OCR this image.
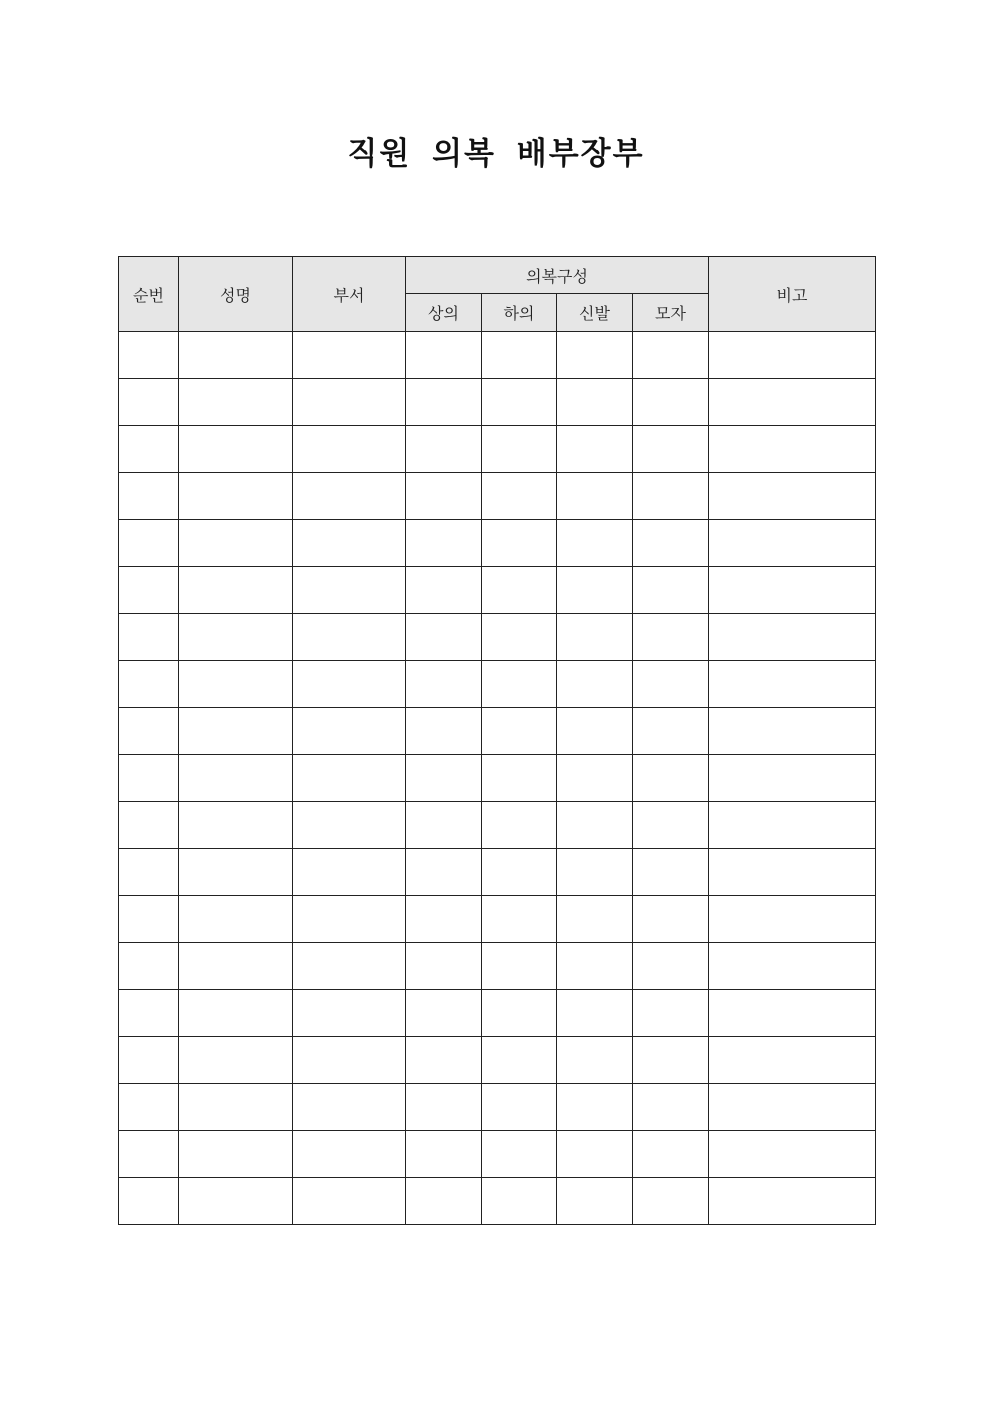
직원 의복 배부장부
순번	성명	부서	의복구성				비고
			상의	하의	신발	모자	
